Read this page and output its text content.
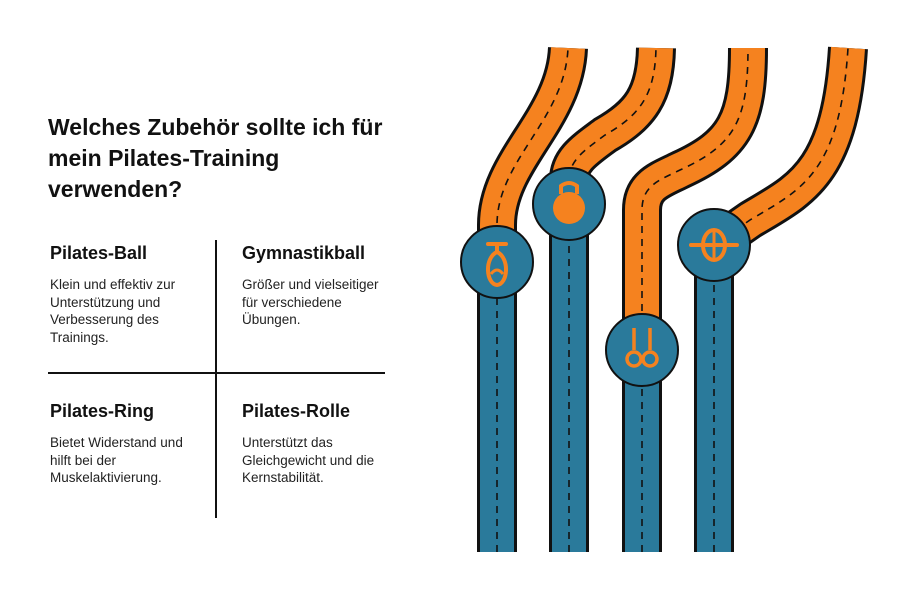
Welches Zubehör sollte ich für mein Pilates-Training verwenden?
Pilates-Ball

Klein und effektiv zur Unterstützung und Verbesserung des Trainings.

Gymnastikball

Größer und vielseitiger für verschiedene Übungen.

Pilates-Ring

Bietet Widerstand und hilft bei der Muskelaktivierung.

Pilates-Rolle

Unterstützt das Gleichgewicht und die Kernstabilität.
